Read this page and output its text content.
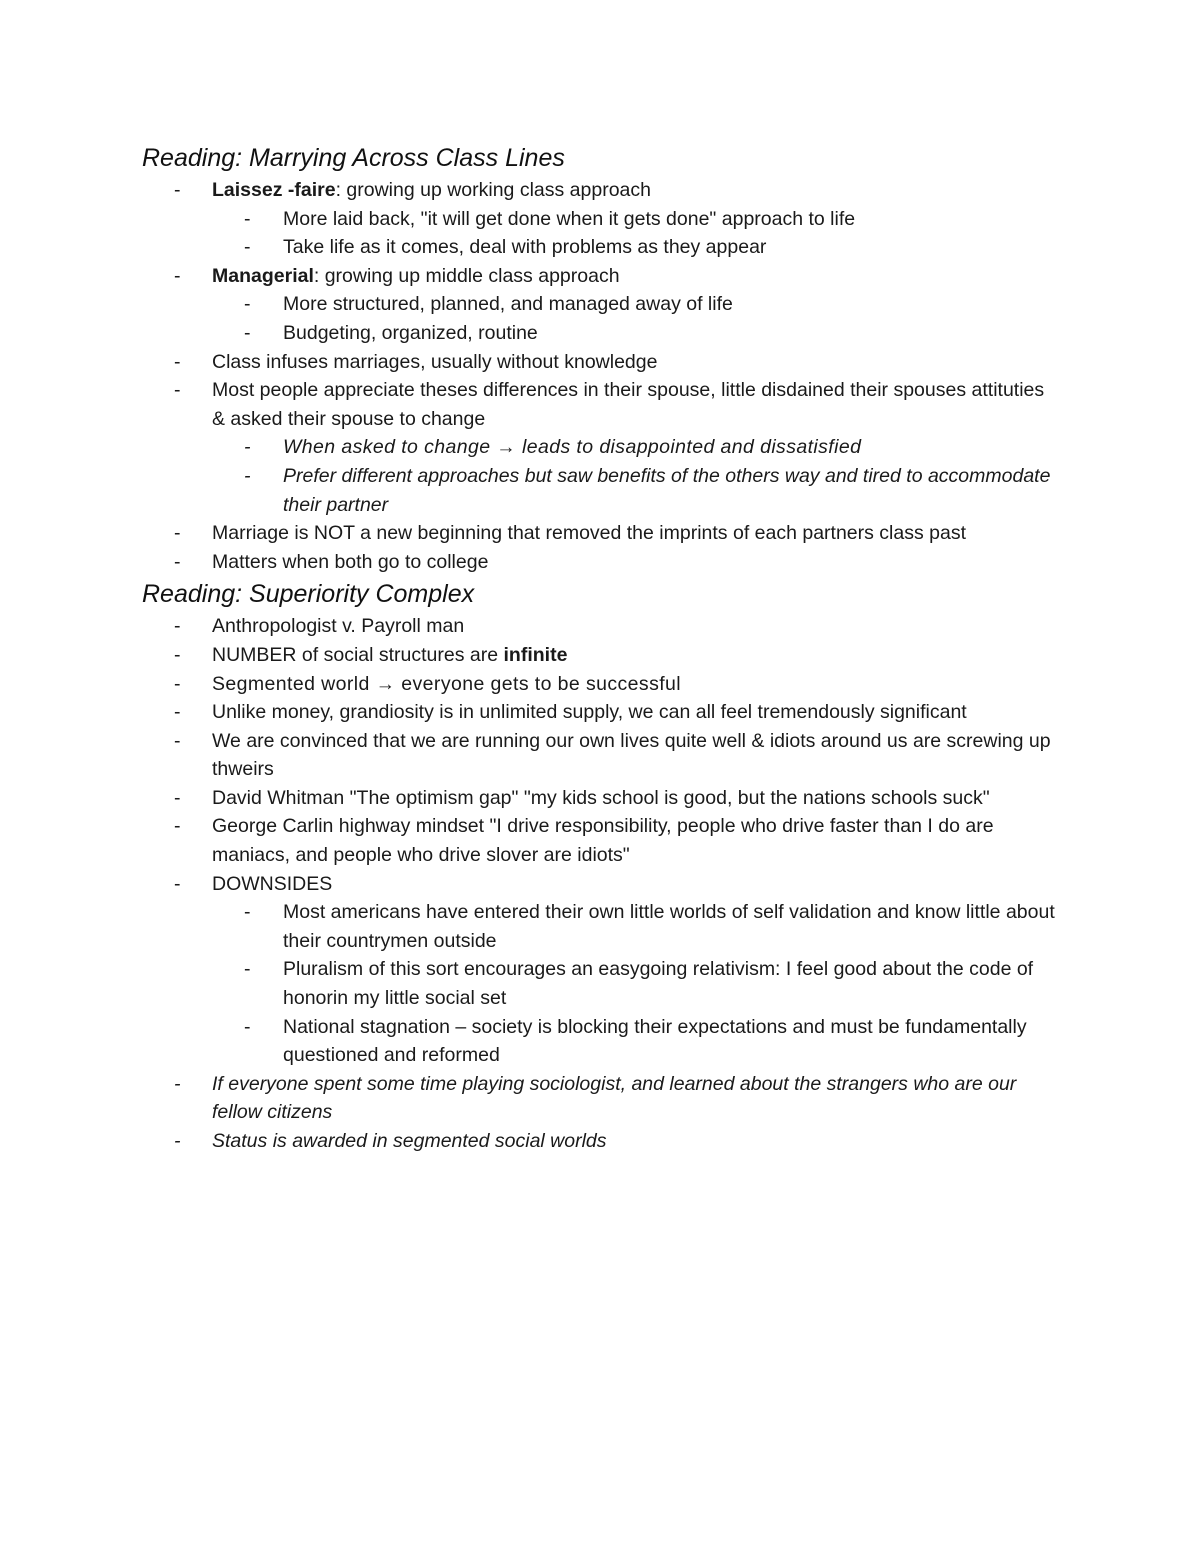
Reading: Marrying Across Class Lines
- Laissez -faire: growing up working class approach
- More laid back, "it will get done when it gets done" approach to life
- Take life as it comes, deal with problems as they appear
- Managerial: growing up middle class approach
- More structured, planned, and managed away of life
- Budgeting, organized, routine
- Class infuses marriages, usually without knowledge
- Most people appreciate theses differences in their spouse, little disdained their spouses attituties & asked their spouse to change
- When asked to change → leads to disappointed and dissatisfied
- Prefer different approaches but saw benefits of the others way and tired to accommodate their partner
- Marriage is NOT a new beginning that removed the imprints of each partners class past
- Matters when both go to college
Reading: Superiority Complex
- Anthropologist v. Payroll man
- NUMBER of social structures are infinite
- Segmented world → everyone gets to be successful
- Unlike money, grandiosity is in unlimited supply, we can all feel tremendously significant
- We are convinced that we are running our own lives quite well & idiots around us are screwing up thweirs
- David Whitman "The optimism gap" "my kids school is good, but the nations schools suck"
- George Carlin highway mindset "I drive responsibility, people who drive faster than I do are maniacs, and people who drive slover are idiots"
- DOWNSIDES
- Most americans have entered their own little worlds of self validation and know little about their countrymen outside
- Pluralism of this sort encourages an easygoing relativism: I feel good about the code of honorin my little social set
- National stagnation – society is blocking their expectations and must be fundamentally questioned and reformed
- If everyone spent some time playing sociologist, and learned about the strangers who are our fellow citizens
- Status is awarded in segmented social worlds
